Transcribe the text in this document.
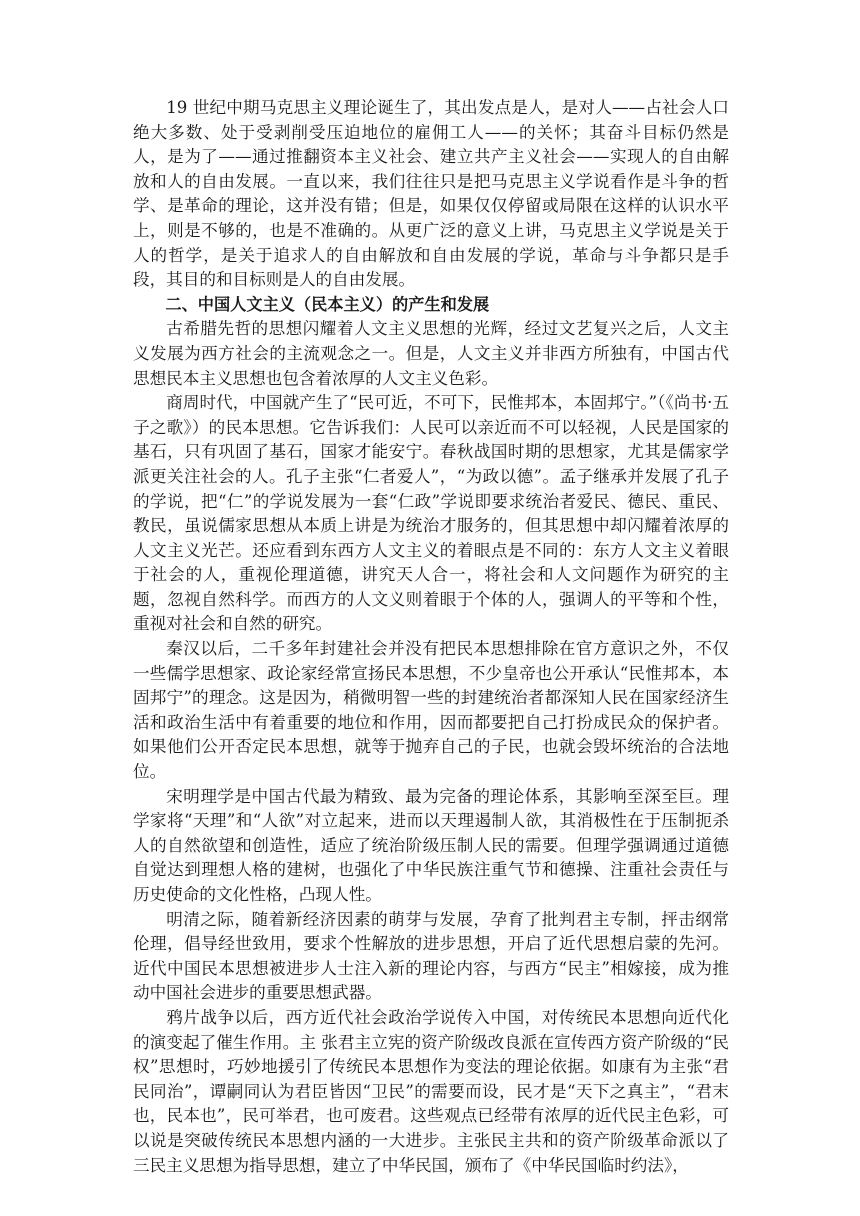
19 世纪中期马克思主义理论诞生了，其出发点是人，是对人——占社会人口绝大多数、处于受剥削受压迫地位的雇佣工人——的关怀；其奋斗目标仍然是人，是为了——通过推翻资本主义社会、建立共产主义社会——实现人的自由解放和人的自由发展。一直以来，我们往往只是把马克思主义学说看作是斗争的哲学、是革命的理论，这并没有错；但是，如果仅仅停留或局限在这样的认识水平上，则是不够的，也是不准确的。从更广泛的意义上讲，马克思主义学说是关于人的哲学，是关于追求人的自由解放和自由发展的学说，革命与斗争都只是手段，其目的和目标则是人的自由发展。

二、中国人文主义（民本主义）的产生和发展

古希腊先哲的思想闪耀着人文主义思想的光辉，经过文艺复兴之后，人文主义发展为西方社会的主流观念之一。但是，人文主义并非西方所独有，中国古代思想民本主义思想也包含着浓厚的人文主义色彩。

商周时代，中国就产生了“民可近，不可下，民惟邦本，本固邦宁。”（《尚书·五子之歌》）的民本思想。它告诉我们：人民可以亲近而不可以轻视，人民是国家的基石，只有巩固了基石，国家才能安宁。春秋战国时期的思想家，尤其是儒家学派更关注社会的人。孔子主张“仁者爱人”，“为政以德”。孟子继承并发展了孔子的学说，把“仁”的学说发展为一套“仁政”学说即要求统治者爱民、德民、重民、教民，虽说儒家思想从本质上讲是为统治才服务的，但其思想中却闪耀着浓厚的人文主义光芒。还应看到东西方人文主义的着眼点是不同的：东方人文主义着眼于社会的人，重视伦理道德，讲究天人合一，将社会和人文问题作为研究的主题，忽视自然科学。而西方的人文义则着眼于个体的人，强调人的平等和个性，重视对社会和自然的研究。

秦汉以后，二千多年封建社会并没有把民本思想排除在官方意识之外，不仅一些儒学思想家、政论家经常宣扬民本思想，不少皇帝也公开承认“民惟邦本，本固邦宁”的理念。这是因为，稍微明智一些的封建统治者都深知人民在国家经济生活和政治生活中有着重要的地位和作用，因而都要把自己打扮成民众的保护者。如果他们公开否定民本思想，就等于抛弃自己的子民，也就会毁坏统治的合法地位。

宋明理学是中国古代最为精致、最为完备的理论体系，其影响至深至巨。理学家将“天理”和“人欲”对立起来，进而以天理遏制人欲，其消极性在于压制扼杀人的自然欲望和创造性，适应了统治阶级压制人民的需要。但理学强调通过道德自觉达到理想人格的建树，也强化了中华民族注重气节和德操、注重社会责任与历史使命的文化性格，凸现人性。

明清之际，随着新经济因素的萌芽与发展，孕育了批判君主专制，抨击纲常伦理，倡导经世致用，要求个性解放的进步思想，开启了近代思想启蒙的先河。近代中国民本思想被进步人士注入新的理论内容，与西方“民主”相嫁接，成为推动中国社会进步的重要思想武器。

鸦片战争以后，西方近代社会政治学说传入中国，对传统民本思想向近代化的演变起了催生作用。主 张君主立宪的资产阶级改良派在宣传西方资产阶级的“民权”思想时，巧妙地援引了传统民本思想作为变法的理论依据。如康有为主张“君民同治”，谭嗣同认为君臣皆因“卫民”的需要而设，民才是“天下之真主”，“君末也，民本也”，民可举君，也可废君。这些观点已经带有浓厚的近代民主色彩，可以说是突破传统民本思想内涵的一大进步。主张民主共和的资产阶级革命派以了三民主义思想为指导思想，建立了中华民国，颁布了《中华民国临时约法》，
